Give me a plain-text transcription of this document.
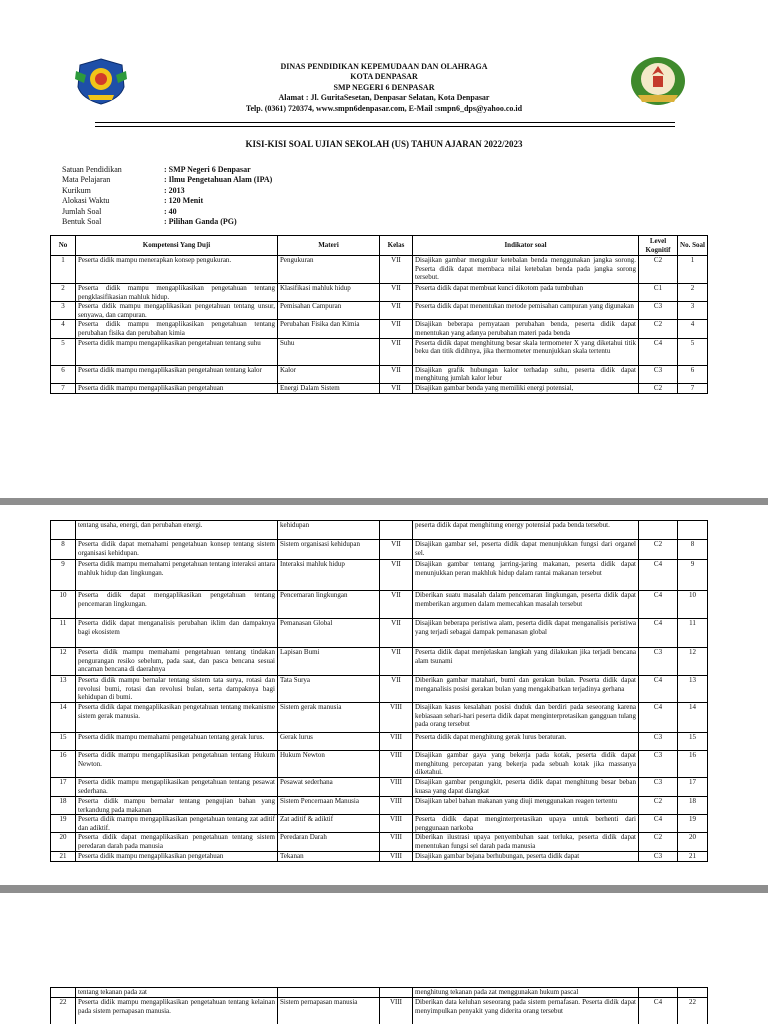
DINAS PENDIDIKAN KEPEMUDAAN DAN OLAHRAGA
KOTA DENPASAR
SMP NEGERI 6 DENPASAR
Alamat : Jl. GuritaSesetan, Denpasar Selatan, Kota Denpasar
Telp. (0361) 720374, www.smpn6denpasar.com, E-Mail :smpn6_dps@yahoo.co.id
KISI-KISI SOAL UJIAN SEKOLAH (US) TAHUN AJARAN 2022/2023
Satuan Pendidikan	: SMP Negeri 6 Denpasar
Mata Pelajaran	: Ilmu Pengetahuan Alam (IPA)
Kurikum	: 2013
Alokasi Waktu	: 120 Menit
Jumlah Soal	: 40
Bentuk Soal	: Pilihan Ganda (PG)
No	Kompetensi Yang Duji	Materi	Kelas	Indikator soal	Level Kognitif	No. Soal
1	Peserta didik mampu menerapkan konsep pengukuran.	Pengukuran	VII	Disajikan gambar mengukur ketebalan benda menggunakan jangka sorong. Peserta didik dapat membaca nilai ketebalan benda pada jangka sorong tersebut.	C2	1
2	Peserta didik mampu mengaplikasikan pengetahuan tentang pengklasifikasian mahluk hidup.	Klasifikasi mahluk hidup	VII	Peserta didik dapat membuat kunci dikotom pada tumbuhan	C1	2
3	Peserta didik mampu mengaplikasikan pengetahuan tentang unsur, senyawa, dan campuran.	Pemisahan Campuran	VII	Peserta didik dapat menentukan metode pemisahan campuran yang digunakan	C3	3
4	Peserta didik mampu mengaplikasikan pengetahuan tentang perubahan fisika dan perubahan kimia	Perubahan Fisika dan Kimia	VII	Disajikan beberapa pernyataan perubahan benda, peserta didik dapat menentukan yang adanya perubahan materi pada benda	C2	4
5	Peserta didik mampu mengaplikasikan pengetahuan tentang suhu	Suhu	VII	Peserta didik dapat menghitung besar skala termometer X yang diketahui titik beku dan titik didihnya, jika thermometer menunjukkan skala tertentu	C4	5
6	Peserta didik mampu mengaplikasikan pengetahuan tentang kalor	Kalor	VII	Disajikan grafik hubungan kalor terhadap suhu, peserta didik dapat menghitung jumlah kalor lebur	C3	6
7	Peserta didik mampu mengaplikasikan pengetahuan	Energi Dalam Sistem	VII	Disajikan gambar benda yang memiliki energi potensial,	C2	7
	tentang usaha, energi, dan perubahan energi.	kehidupan		peserta didik dapat menghitung energy potensial pada benda tersebut.		
8	Peserta didik dapat memahami pengetahuan konsep tentang sistem organisasi kehidupan.	Sistem organisasi kehidupan	VII	Disajikan gambar sel, peserta didik dapat menunjukkan fungsi dari organel sel.	C2	8
9	Peserta didik mampu memahami pengetahuan tentang interaksi antara mahluk hidup dan lingkungan.	Interaksi mahluk hidup	VII	Disajikan gambar tentang jarring-jaring makanan, peserta didik dapat menunjukkan peran makhluk hidup dalam rantai makanan tersebut	C4	9
10	Peserta didik dapat mengaplikasikan pengetahuan tentang pencemaran lingkungan.	Pencemaran lingkungan	VII	Diberikan suatu masalah dalam pencemaran lingkungan, peserta didik dapat memberikan argumen dalam memecahkan masalah tersebut	C4	10
11	Peserta didik dapat menganalisis perubahan iklim dan dampaknya bagi ekosistem	Pemanasan Global	VII	Disajikan beberapa peristiwa alam, peserta didik dapat menganalisis peristiwa yang terjadi sebagai dampak pemanasan global	C4	11
12	Peserta didik mampu memahami pengetahuan tentang tindakan pengurangan resiko sebelum, pada saat, dan pasca bencana sesuai ancaman bencana di daerahnya	Lapisan Bumi	VII	Peserta didik dapat menjelaskan langkah yang dilakukan jika terjadi bencana alam tsunami	C3	12
13	Peserta didik mampu bernalar tentang sistem tata surya, rotasi dan revolusi bumi, rotasi dan revolusi bulan, serta dampaknya bagi kehidupan di bumi.	Tata Surya	VII	Diberikan gambar matahari, bumi dan gerakan bulan. Peserta didik dapat menganalisis posisi gerakan bulan yang mengakibatkan terjadinya gerhana	C4	13
14	Peserta didik dapat mengaplikasikan pengetahuan tentang mekanisme sistem gerak manusia.	Sistem gerak manusia	VIII	Disajikan kasus kesalahan posisi duduk dan berdiri pada seseorang karena kebiasaan sehari-hari peserta didik dapat menginterpretasikan gangguan tulang pada orang tersebut	C4	14
15	Peserta didik mampu memahami pengetahuan tentang gerak lurus.	Gerak lurus	VIII	Peserta didik dapat menghitung gerak lurus beraturan.	C3	15
16	Peserta didik mampu mengaplikasikan pengetahuan tentang Hukum Newton.	Hukum Newton	VIII	Disajikan gambar gaya yang bekerja pada kotak, peserta didik dapat menghitung percepatan yang bekerja pada sebuah kotak jika massanya diketahui.	C3	16
17	Peserta didik mampu mengaplikasikan pengetahuan tentang pesawat sederhana.	Pesawat sederhana	VIII	Disajikan gambar pengungkit, peserta didik dapat menghitung besar beban kuasa yang dapat diangkat	C3	17
18	Peserta didik mampu bernalar tentang pengujian bahan yang terkandung pada makanan	Sistem Pencernaan Manusia	VIII	Disajikan tabel bahan makanan yang diuji menggunakan reagen tertentu	C2	18
19	Peserta didik mampu mengaplikasikan pengetahuan tentang zat aditif dan adiktif.	Zat aditif & adiktif	VIII	Peserta didik dapat menginterpretasikan upaya untuk berhenti dari penggunaan narkoba	C4	19
20	Peserta didik dapat mengaplikasikan pengetahuan tentang sistem peredaran darah pada manusia	Peredaran Darah	VIII	Diberikan ilustrasi upaya penyembuhan saat terluka, peserta didik dapat menentukan fungsi sel darah pada manusia	C2	20
21	Peserta didik mampu mengaplikasikan pengetahuan	Tekanan	VIII	Disajikan gambar bejana berhubungan, peserta didik dapat	C3	21
	tentang tekanan pada zat			menghitung tekanan pada zat menggunakan hukum pascal		
22	Peserta didik mampu mengaplikasikan pengetahuan tentang kelainan pada sistem pernapasan manusia.	Sistem pernapasan manusia	VIII	Diberikan data keluhan seseorang pada sistem pernafasan. Peserta didik dapat menyimpulkan penyakit yang diderita orang tersebut	C4	22
